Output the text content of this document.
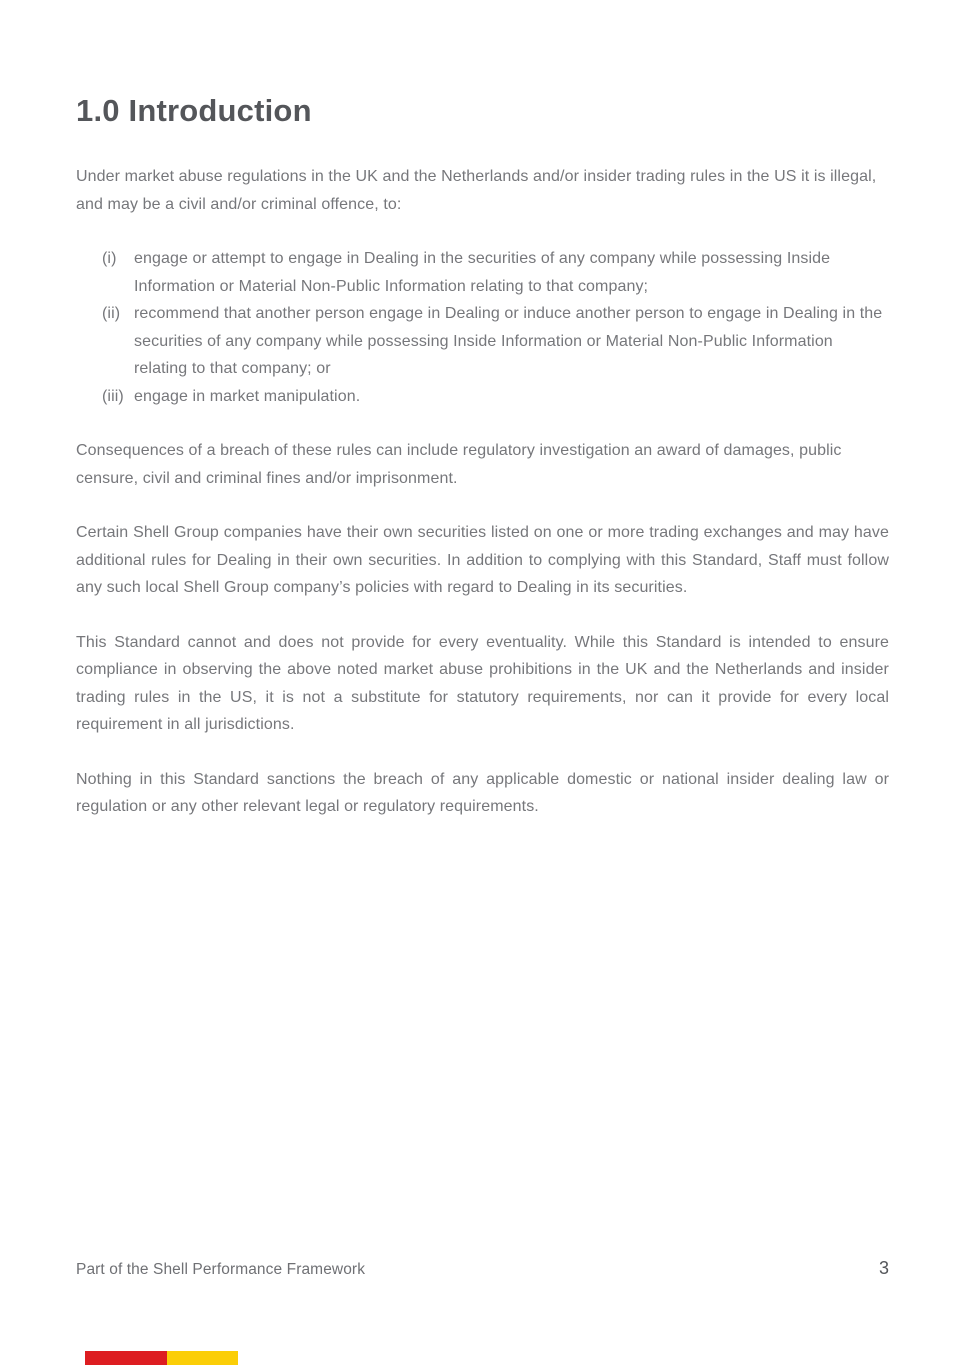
1.0 Introduction

Under market abuse regulations in the UK and the Netherlands and/or insider trading rules in the US it is illegal, and may be a civil and/or criminal offence, to:

(i)	engage or attempt to engage in Dealing in the securities of any company while possessing Inside Information or Material Non-Public Information relating to that company;
(ii) recommend that another person engage in Dealing or induce another person to engage in Dealing in the securities of any company while possessing Inside Information or Material Non-Public Information relating to that company; or
(iii) engage in market manipulation.

Consequences of a breach of these rules can include regulatory investigation an award of damages, public censure, civil and criminal fines and/or imprisonment.

Certain Shell Group companies have their own securities listed on one or more trading exchanges and may have additional rules for Dealing in their own securities. In addition to complying with this Standard, Staff must follow any such local Shell Group company’s policies with regard to Dealing in its securities.

This Standard cannot and does not provide for every eventuality. While this Standard is intended to ensure compliance in observing the above noted market abuse prohibitions in the UK and the Netherlands and insider trading rules in the US, it is not a substitute for statutory requirements, nor can it provide for every local requirement in all jurisdictions.

Nothing in this Standard sanctions the breach of any applicable domestic or national insider dealing law or regulation or any other relevant legal or regulatory requirements.

Part of the Shell Performance Framework	3
